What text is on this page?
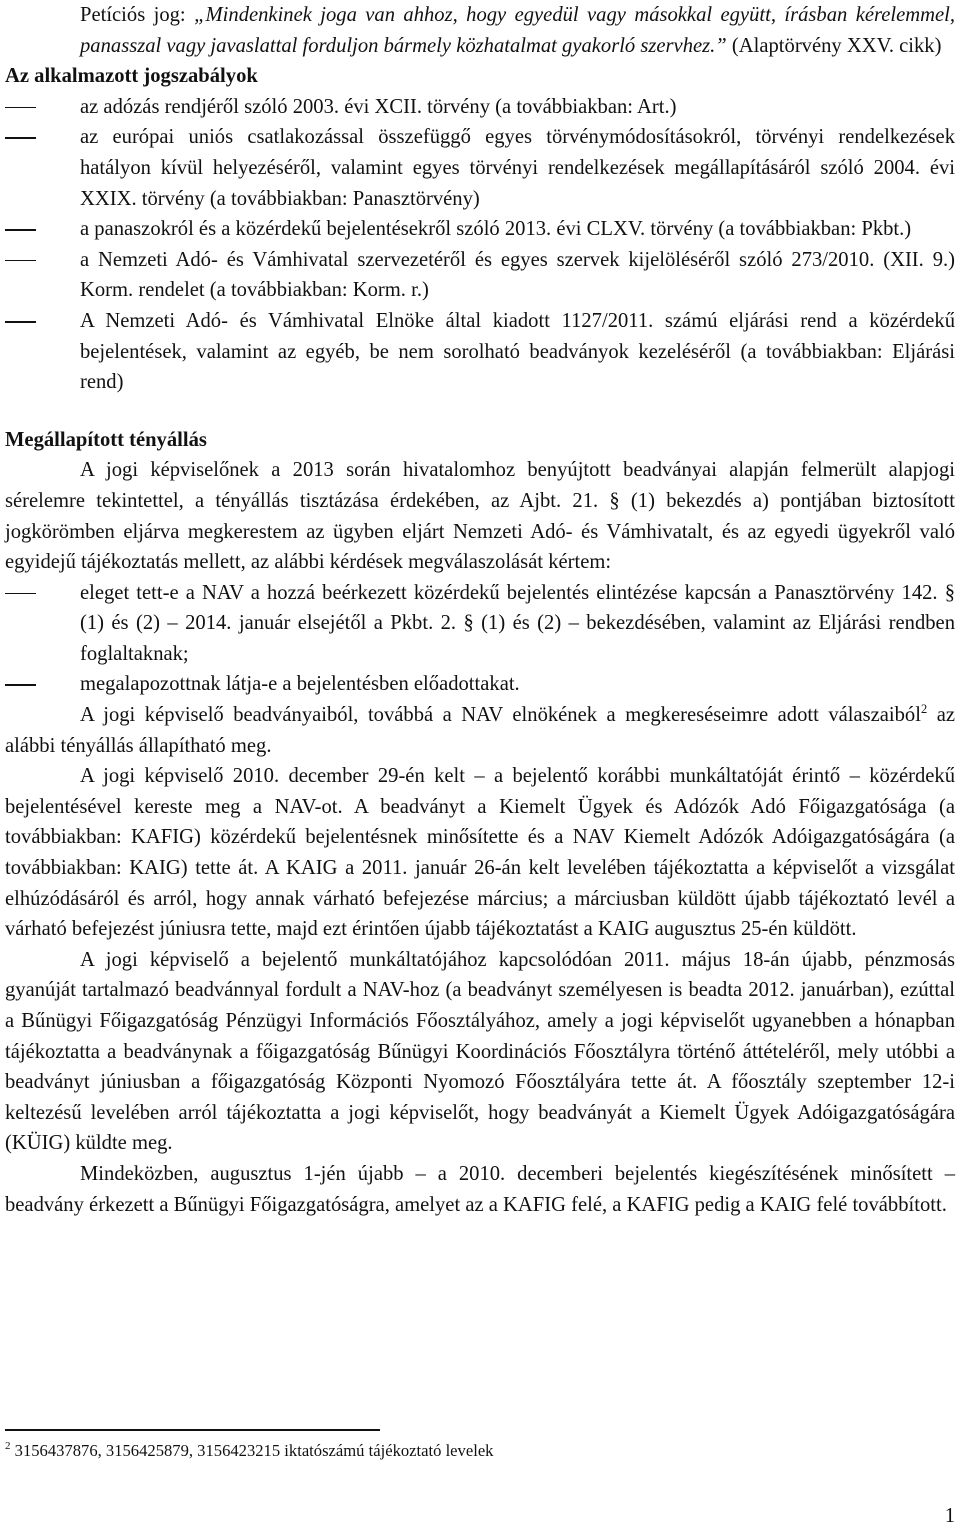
Petíciós jog: „Mindenkinek joga van ahhoz, hogy egyedül vagy másokkal együtt, írásban kérelemmel, panasszal vagy javaslattal forduljon bármely közhatalmat gyakorló szervhez.” (Alaptörvény XXV. cikk)

Az alkalmazott jogszabályok

az adózás rendjéről szóló 2003. évi XCII. törvény (a továbbiakban: Art.)
az európai uniós csatlakozással összefüggő egyes törvénymódosításokról, törvényi rendelkezések hatályon kívül helyezéséről, valamint egyes törvényi rendelkezések megállapításáról szóló 2004. évi XXIX. törvény (a továbbiakban: Panasztörvény)
a panaszokról és a közérdekű bejelentésekről szóló 2013. évi CLXV. törvény (a továbbiakban: Pkbt.)
a Nemzeti Adó- és Vámhivatal szervezetéről és egyes szervek kijelöléséről szóló 273/2010. (XII. 9.) Korm. rendelet (a továbbiakban: Korm. r.)
A Nemzeti Adó- és Vámhivatal Elnöke által kiadott 1127/2011. számú eljárási rend a közérdekű bejelentések, valamint az egyéb, be nem sorolható beadványok kezeléséről (a továbbiakban: Eljárási rend)

Megállapított tényállás

A jogi képviselőnek a 2013 során hivatalomhoz benyújtott beadványai alapján felmerült alapjogi sérelemre tekintettel, a tényállás tisztázása érdekében, az Ajbt. 21. § (1) bekezdés a) pontjában biztosított jogkörömben eljárva megkerestem az ügyben eljárt Nemzeti Adó- és Vámhivatalt, és az egyedi ügyekről való egyidejű tájékoztatás mellett, az alábbi kérdések megválaszolását kértem:

eleget tett-e a NAV a hozzá beérkezett közérdekű bejelentés elintézése kapcsán a Panasztörvény 142. § (1) és (2) ‒ 2014. január elsejétől a Pkbt. 2. § (1) és (2) ‒ bekezdésében, valamint az Eljárási rendben foglaltaknak;
megalapozottnak látja-e a bejelentésben előadottakat.

A jogi képviselő beadványaiból, továbbá a NAV elnökének a megkereséseimre adott válaszaiból$^2$ az alábbi tényállás állapítható meg.

A jogi képviselő 2010. december 29-én kelt ‒ a bejelentő korábbi munkáltatóját érintő ‒ közérdekű bejelentésével kereste meg a NAV-ot. A beadványt a Kiemelt Ügyek és Adózók Adó Főigazgatósága (a továbbiakban: KAFIG) közérdekű bejelentésnek minősítette és a NAV Kiemelt Adózók Adóigazgatóságára (a továbbiakban: KAIG) tette át. A KAIG a 2011. január 26-án kelt levelében tájékoztatta a képviselőt a vizsgálat elhúzódásáról és arról, hogy annak várható befejezése március; a márciusban küldött újabb tájékoztató levél a várható befejezést júniusra tette, majd ezt érintően újabb tájékoztatást a KAIG augusztus 25-én küldött.

A jogi képviselő a bejelentő munkáltatójához kapcsolódóan 2011. május 18-án újabb, pénzmosás gyanúját tartalmazó beadvánnyal fordult a NAV-hoz (a beadványt személyesen is beadta 2012. januárban), ezúttal a Bűnügyi Főigazgatóság Pénzügyi Információs Főosztályához, amely a jogi képviselőt ugyanebben a hónapban tájékoztatta a beadványnak a főigazgatóság Bűnügyi Koordinációs Főosztályra történő áttételéről, mely utóbbi a beadványt júniusban a főigazgatóság Központi Nyomozó Főosztályára tette át. A főosztály szeptember 12-i keltezésű levelében arról tájékoztatta a jogi képviselőt, hogy beadványát a Kiemelt Ügyek Adóigazgatóságára (KÜIG) küldte meg.

Mindeközben, augusztus 1-jén újabb ‒ a 2010. decemberi bejelentés kiegészítésének minősített ‒ beadvány érkezett a Bűnügyi Főigazgatóságra, amelyet az a KAFIG felé, a KAFIG pedig a KAIG felé továbbított.

$^2$ 3156437876, 3156425879, 3156423215 iktatószámú tájékoztató levelek
1
